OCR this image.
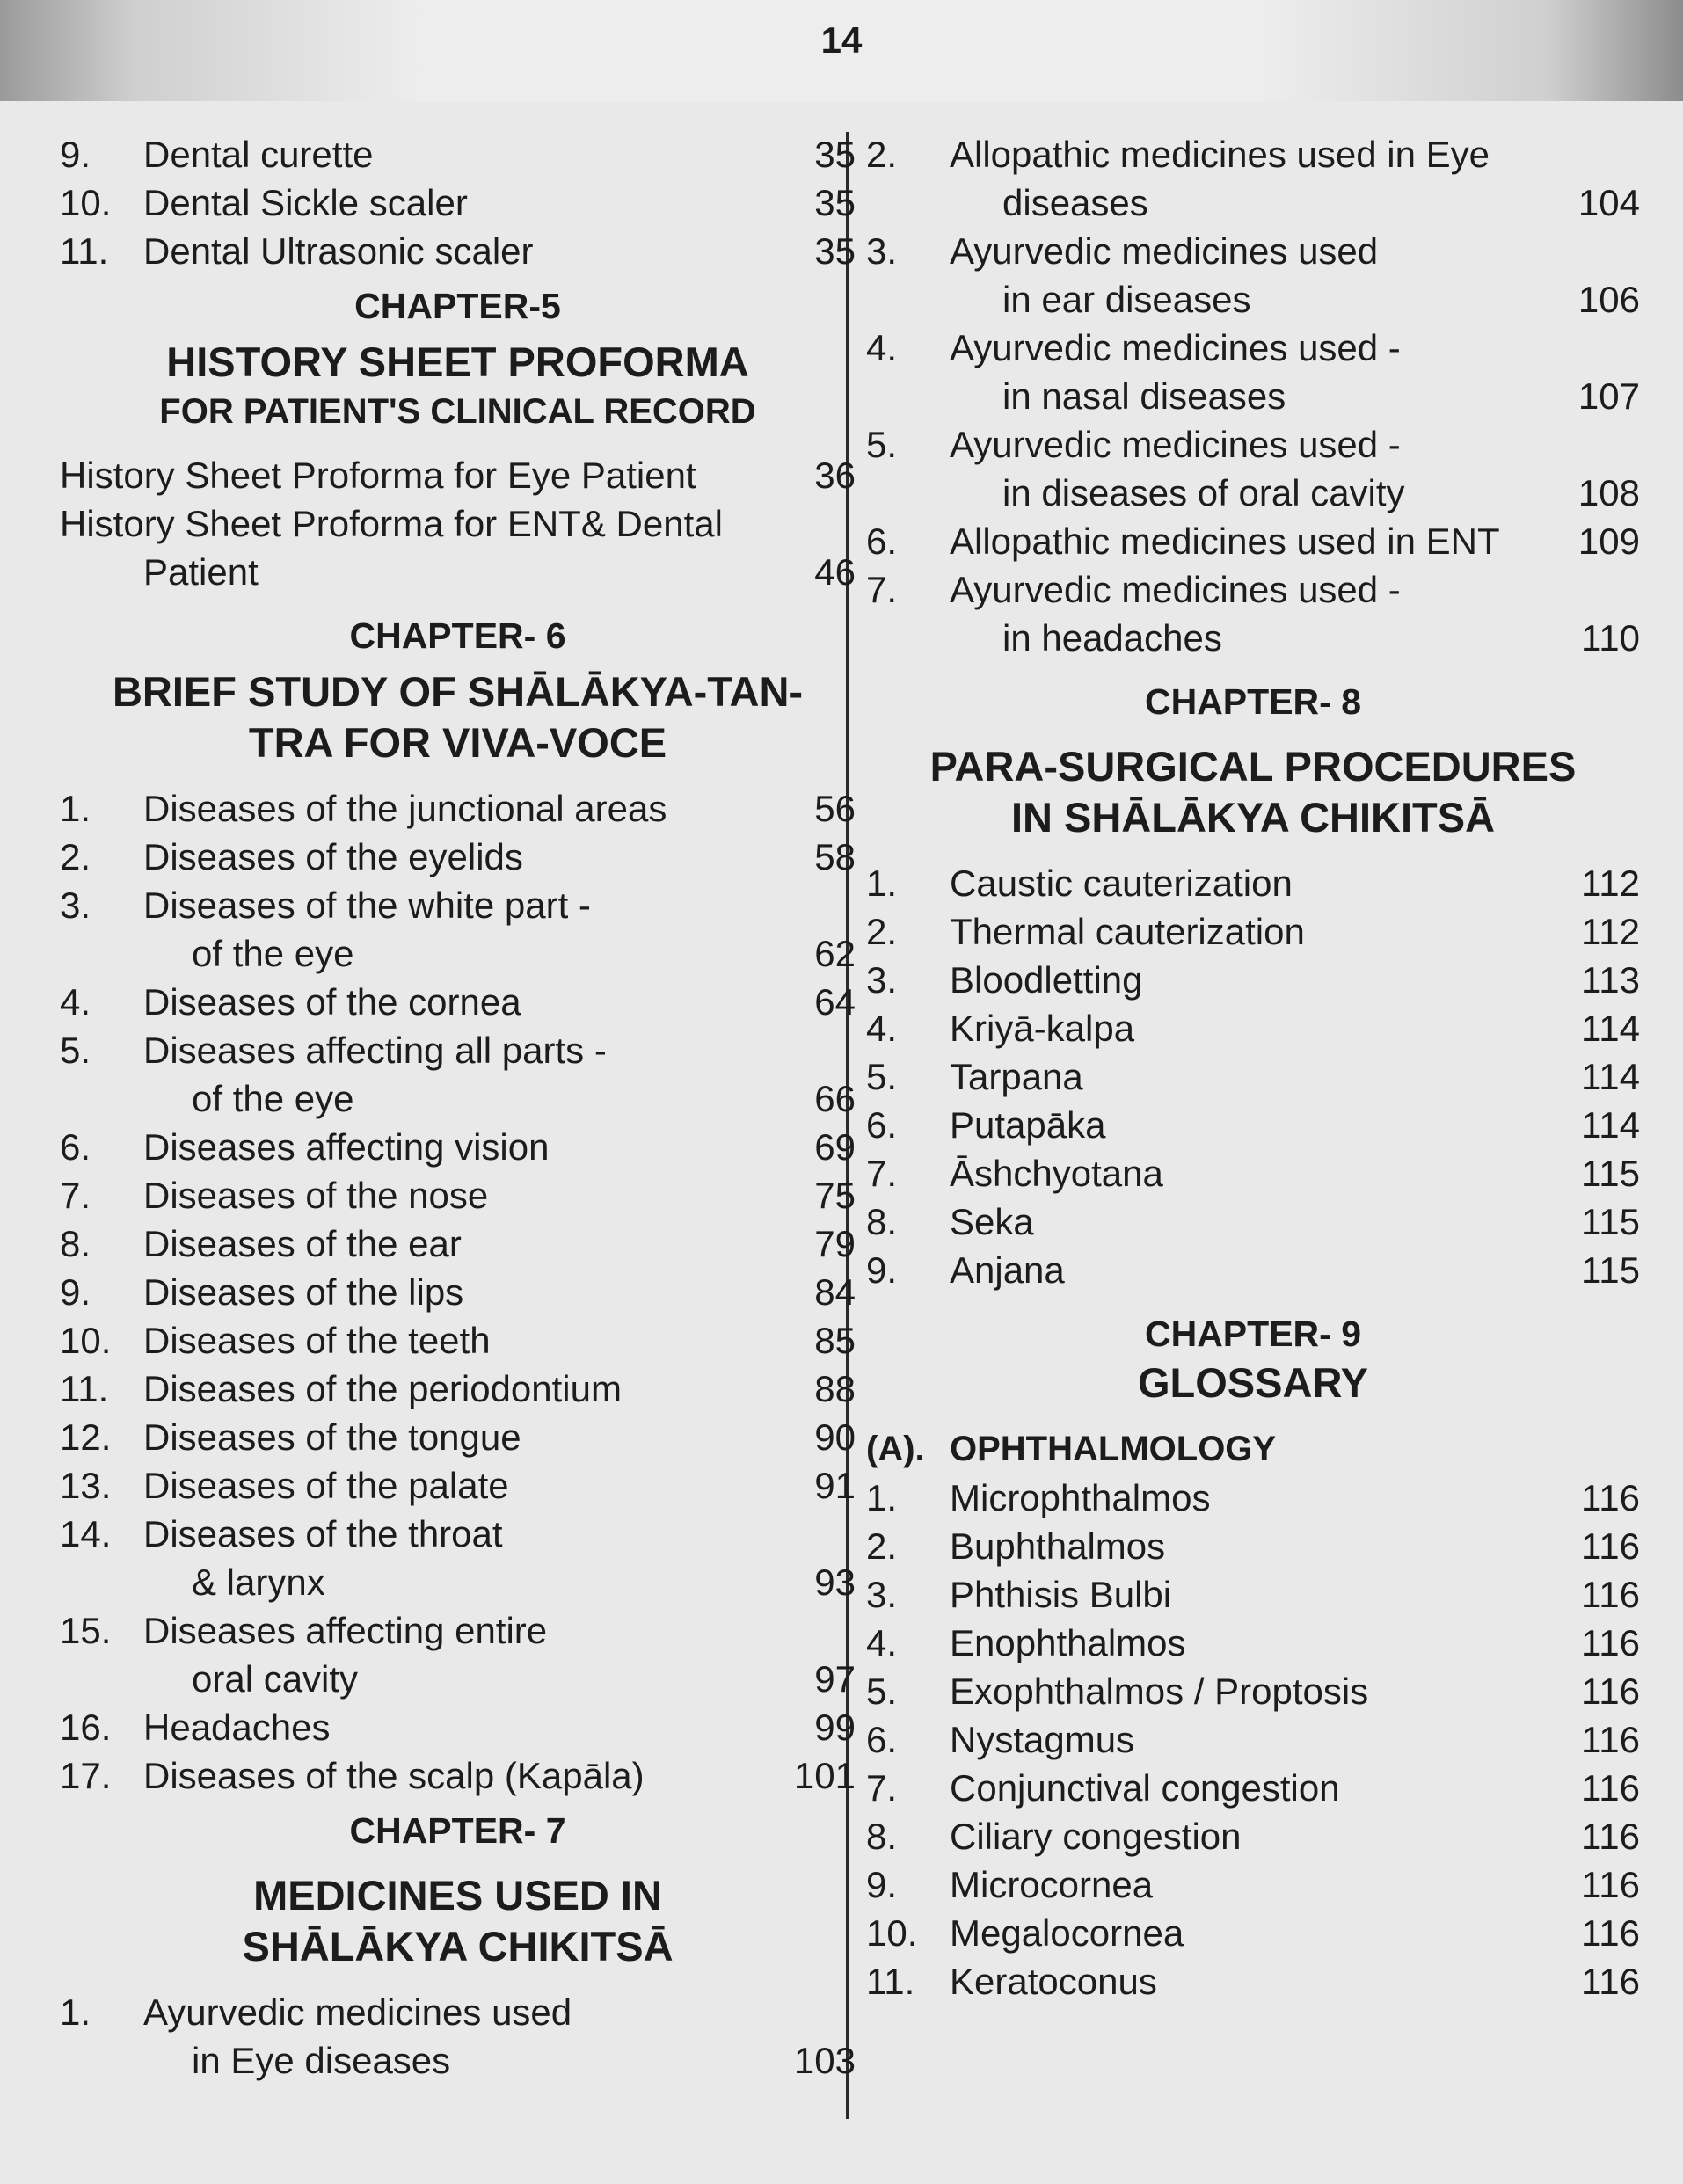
14
9.	Dental curette	35
10. Dental Sickle scaler	35
11. Dental Ultrasonic scaler	35
CHAPTER-5
HISTORY SHEET PROFORMA
FOR PATIENT'S CLINICAL RECORD
History Sheet Proforma for Eye Patient	36
History Sheet Proforma for ENT& Dental
Patient	46
CHAPTER- 6
BRIEF STUDY OF SHĀLĀKYA-TAN-
TRA FOR VIVA-VOCE
1.	Diseases of the junctional areas	56
2.	Diseases of the eyelids	58
3.	Diseases of the white part -
of the eye	62
4.	Diseases of the cornea	64
5.	Diseases affecting all parts -
of the eye	66
6.	Diseases affecting vision	69
7.	Diseases of the nose	75
8.	Diseases of the ear	79
9.	Diseases of the lips	84
10. Diseases of the teeth	85
11. Diseases of the periodontium	88
12. Diseases of the tongue	90
13. Diseases of the palate	91
14. Diseases of the throat
& larynx	93
15. Diseases affecting entire
oral cavity	97
16. Headaches	99
17. Diseases of the scalp (Kapāla)	101
CHAPTER- 7
MEDICINES USED IN
SHĀLĀKYA CHIKITSĀ
1.	Ayurvedic medicines used
in Eye diseases	103
2.	Allopathic medicines used in Eye
diseases	104
3.	Ayurvedic medicines used
in ear diseases	106
4.	Ayurvedic medicines used -
in nasal diseases	107
5.	Ayurvedic medicines used -
in diseases of oral cavity	108
6.	Allopathic medicines used in ENT	109
7.	Ayurvedic medicines used -
in headaches	110
CHAPTER- 8
PARA-SURGICAL PROCEDURES
IN SHĀLĀKYA CHIKITSĀ
1.	Caustic cauterization	112
2.	Thermal cauterization	112
3.	Bloodletting	113
4.	Kriyā-kalpa	114
5.	Tarpana	114
6.	Putapāka	114
7.	Āshchyotana	115
8.	Seka	115
9.	Anjana	115
CHAPTER- 9
GLOSSARY
(A). OPHTHALMOLOGY
1.	Microphthalmos	116
2.	Buphthalmos	116
3.	Phthisis Bulbi	116
4.	Enophthalmos	116
5.	Exophthalmos / Proptosis	116
6.	Nystagmus	116
7.	Conjunctival congestion	116
8.	Ciliary congestion	116
9.	Microcornea	116
10. Megalocornea	116
11. Keratoconus	116
